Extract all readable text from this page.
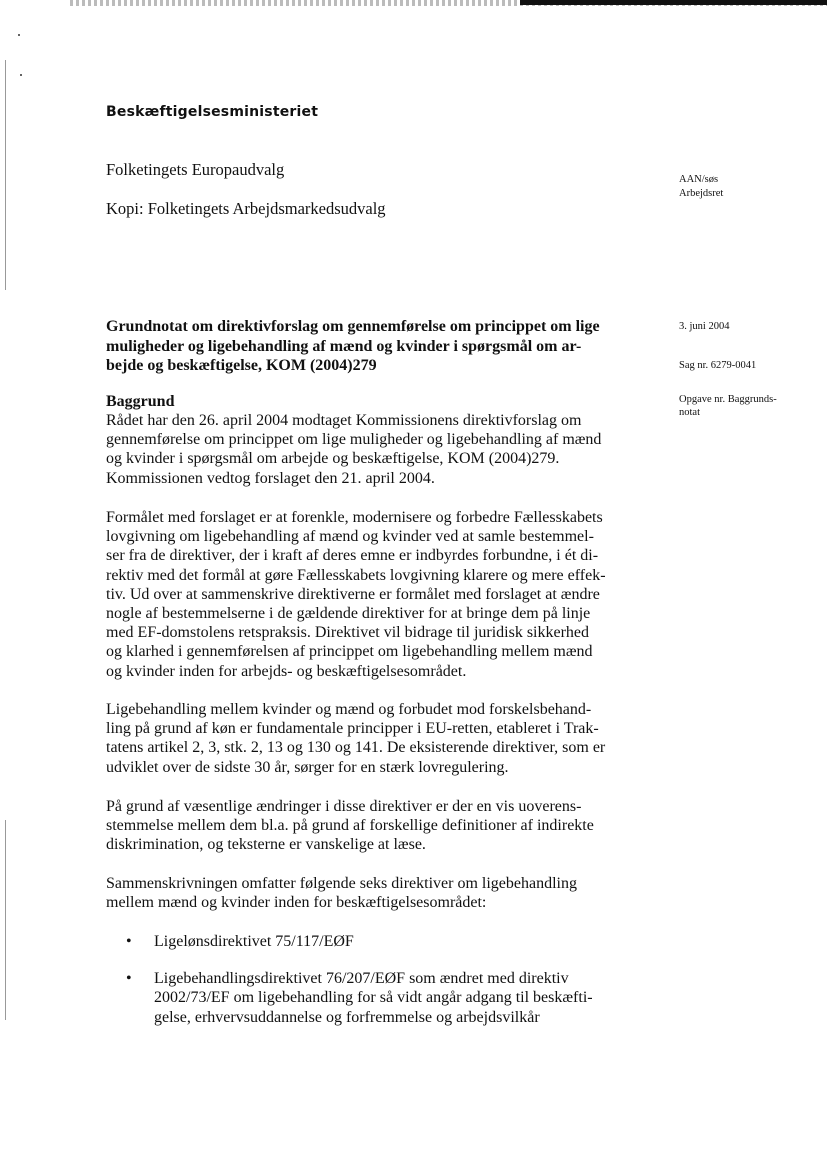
Beskæftigelsesministeriet
Folketingets Europaudvalg
Kopi: Folketingets Arbejdsmarkedsudvalg
AAN/søs
Arbejdsret
3. juni 2004
Sag nr. 6279-0041
Opgave nr. Baggrunds-
notat
Grundnotat om direktivforslag om gennemførelse om princippet om lige
muligheder og ligebehandling af mænd og kvinder i spørgsmål om ar-
bejde og beskæftigelse, KOM (2004)279
Baggrund
Rådet har den 26. april 2004 modtaget Kommissionens direktivforslag om
gennemførelse om princippet om lige muligheder og ligebehandling af mænd
og kvinder i spørgsmål om arbejde og beskæftigelse, KOM (2004)279.
Kommissionen vedtog forslaget den 21. april 2004.
Formålet med forslaget er at forenkle, modernisere og forbedre Fællesskabets
lovgivning om ligebehandling af mænd og kvinder ved at samle bestemmel-
ser fra de direktiver, der i kraft af deres emne er indbyrdes forbundne, i ét di-
rektiv med det formål at gøre Fællesskabets lovgivning klarere og mere effek-
tiv. Ud over at sammenskrive direktiverne er formålet med forslaget at ændre
nogle af bestemmelserne i de gældende direktiver for at bringe dem på linje
med EF-domstolens retspraksis. Direktivet vil bidrage til juridisk sikkerhed
og klarhed i gennemførelsen af princippet om ligebehandling mellem mænd
og kvinder inden for arbejds- og beskæftigelsesområdet.
Ligebehandling mellem kvinder og mænd og forbudet mod forskelsbehand-
ling på grund af køn er fundamentale principper i EU-retten, etableret i Trak-
tatens artikel 2, 3, stk. 2, 13 og 130 og 141. De eksisterende direktiver, som er
udviklet over de sidste 30 år, sørger for en stærk lovregulering.
På grund af væsentlige ændringer i disse direktiver er der en vis uoverens-
stemmelse mellem dem bl.a. på grund af forskellige definitioner af indirekte
diskrimination, og teksterne er vanskelige at læse.
Sammenskrivningen omfatter følgende seks direktiver om ligebehandling
mellem mænd og kvinder inden for beskæftigelsesområdet:
• Ligelønsdirektivet 75/117/EØF
• Ligebehandlingsdirektivet 76/207/EØF som ændret med direktiv
2002/73/EF om ligebehandling for så vidt angår adgang til beskæfti-
gelse, erhvervsuddannelse og forfremmelse og arbejdsvilkår
